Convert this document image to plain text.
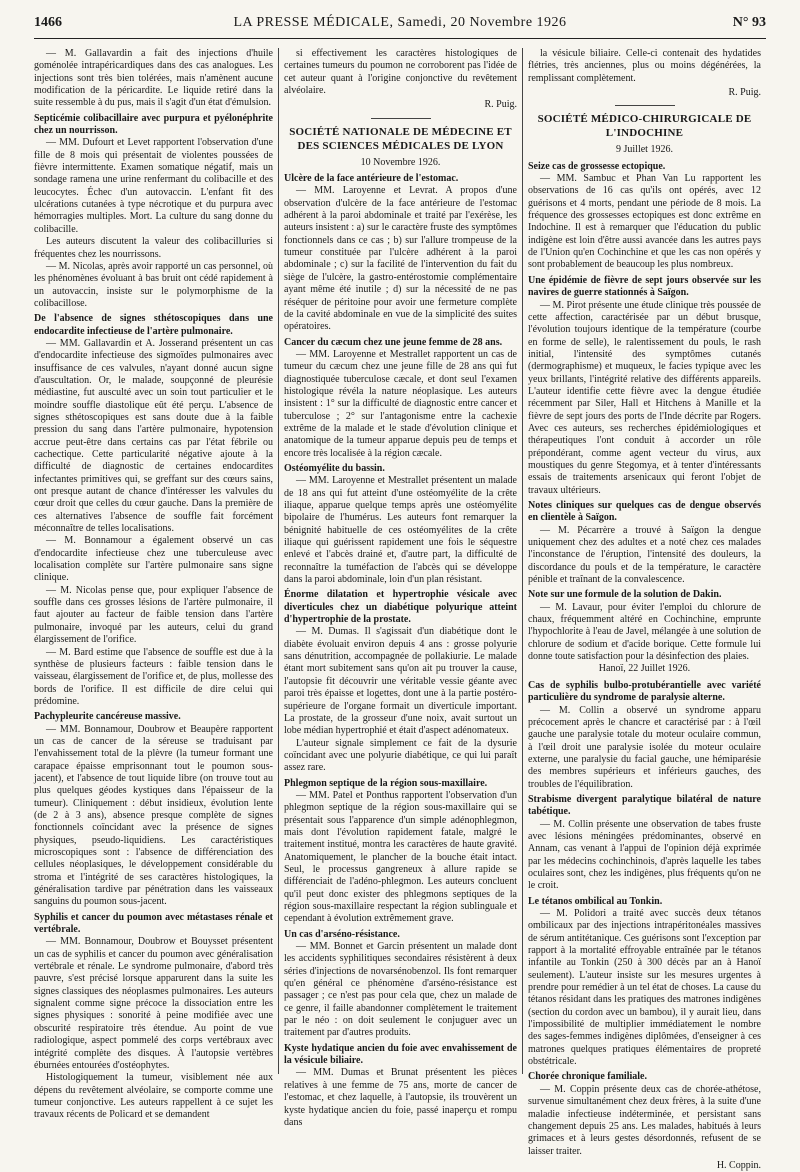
1466	LA PRESSE MÉDICALE, Samedi, 20 Novembre 1926	N° 93

— M. Gallavardin a fait des injections d'huile goménolée intrapéricardiques dans des cas analogues. Les injections sont très bien tolérées, mais n'amènent aucune modification de la péricardite. Le liquide retiré dans la suite ressemble à du pus, mais il s'agit d'un état d'émulsion.

Septicémie colibacillaire avec purpura et pyélonéphrite chez un nourrisson.

— MM. Dufourt et Levet rapportent l'observation d'une fille de 8 mois qui présentait de violentes poussées de fièvre intermittente. Examen somatique négatif, mais un sondage ramena une urine renfermant du colibacille et des leucocytes. Échec d'un autovaccin. L'enfant fit des ulcérations cutanées à type nécrotique et du purpura avec hémorragies multiples. Mort. La culture du sang donne du colibacille.

Les auteurs discutent la valeur des colibacilluries si fréquentes chez les nourrissons.

— M. Nicolas, après avoir rapporté un cas personnel, où les phénomènes évoluant à bas bruit ont cédé rapidement à un autovaccin, insiste sur le polymorphisme de la colibacillose.

De l'absence de signes sthétoscopiques dans une endocardite infectieuse de l'artère pulmonaire.

— MM. Gallavardin et A. Josserand présentent un cas d'endocardite infectieuse des sigmoïdes pulmonaires avec insuffisance de ces valvules, n'ayant donné aucun signe d'auscultation. Or, le malade, soupçonné de pleurésie médiastine, fut ausculté avec un soin tout particulier et le moindre souffle diastolique eût été perçu. L'absence de signes sthétoscopiques est sans doute due à la faible pression du sang dans l'artère pulmonaire, hypotension accrue peut-être dans certains cas par l'état fébrile ou cachectique. Cette particularité négative ajoute à la difficulté de diagnostic de certaines endocardites infectantes primitives qui, se greffant sur des cœurs sains, ont presque autant de chance d'intéresser les valvules du cœur droit que celles du cœur gauche. Dans la première de ces alternatives l'absence de souffle fait forcément méconnaître de telles localisations.

— M. Bonnamour a également observé un cas d'endocardite infectieuse chez une tuberculeuse avec localisation complète sur l'artère pulmonaire sans signe clinique.

— M. Nicolas pense que, pour expliquer l'absence de souffle dans ces grosses lésions de l'artère pulmonaire, il faut ajouter au facteur de faible tension dans l'artère pulmonaire, invoqué par les auteurs, celui du grand élargissement de l'orifice.

— M. Bard estime que l'absence de souffle est due à la synthèse de plusieurs facteurs : faible tension dans le vaisseau, élargissement de l'orifice et, de plus, mollesse des bords de l'orifice. Il est difficile de dire celui qui prédomine.

Pachypleurite cancéreuse massive.

— MM. Bonnamour, Doubrow et Beaupère rapportent un cas de cancer de la séreuse se traduisant par l'envahissement total de la plèvre (la tumeur formant une carapace épaisse emprisonnant tout le poumon sous-jacent), et l'absence de tout liquide libre (on trouve tout au plus quelques géodes kystiques dans l'épaisseur de la tumeur). Cliniquement : début insidieux, évolution lente (de 2 à 3 ans), absence presque complète de signes fonctionnels coïncidant avec la présence de signes physiques, pseudo-liquidiens. Les caractéristiques microscopiques sont : l'absence de différenciation des cellules néoplasiques, le développement considérable du stroma et l'intégrité de ses caractères histologiques, la généralisation tardive par pénétration dans les vaisseaux sanguins du poumon sous-jacent.

Syphilis et cancer du poumon avec métastases rénale et vertébrale.

— MM. Bonnamour, Doubrow et Bouysset présentent un cas de syphilis et cancer du poumon avec généralisation vertébrale et rénale. Le syndrome pulmonaire, d'abord très pauvre, s'est précisé lorsque apparurent dans la suite les signes classiques des néoplasmes pulmonaires. Les auteurs signalent comme signe précoce la dissociation entre les signes physiques : sonorité à peine modifiée avec une obscurité respiratoire très étendue. Au point de vue radiologique, aspect pommelé des corps vertébraux avec intégrité complète des disques. À l'autopsie vertèbres éburnées entourées d'ostéophytes.

Histologiquement la tumeur, visiblement née aux dépens du revêtement alvéolaire, se comporte comme une tumeur conjonctive. Les auteurs rappellent à ce sujet les travaux récents de Policard et se demandent

si effectivement les caractères histologiques de certaines tumeurs du poumon ne corroborent pas l'idée de cet auteur quant à l'origine conjonctive du revêtement alvéolaire.

R. Puig.

SOCIÉTÉ NATIONALE DE MÉDECINE ET DES SCIENCES MÉDICALES DE LYON
10 Novembre 1926.

Ulcère de la face antérieure de l'estomac.

— MM. Laroyenne et Levrat. A propos d'une observation d'ulcère de la face antérieure de l'estomac adhérent à la paroi abdominale et traité par l'exérèse, les auteurs insistent : a) sur le caractère fruste des symptômes fonctionnels dans ce cas ; b) sur l'allure trompeuse de la tumeur constituée par l'ulcère adhérent à la paroi abdominale ; c) sur la facilité de l'intervention du fait du siège de l'ulcère, la gastro-entérostomie complémentaire ayant même été inutile ; d) sur la nécessité de ne pas réséquer de péritoine pour avoir une fermeture complète de la cavité abdominale en vue de la simplicité des suites opératoires.

Cancer du cæcum chez une jeune femme de 28 ans.

— MM. Laroyenne et Mestrallet rapportent un cas de tumeur du cæcum chez une jeune fille de 28 ans qui fut diagnostiquée tuberculose cæcale, et dont seul l'examen histologique révéla la nature néoplasique. Les auteurs insistent : 1° sur la difficulté de diagnostic entre cancer et tuberculose ; 2° sur l'antagonisme entre la cachexie extrême de la malade et le stade d'évolution clinique et anatomique de la tumeur apparue depuis peu de temps et encore très localisée à la région cæcale.

Ostéomyélite du bassin.

— MM. Laroyenne et Mestrallet présentent un malade de 18 ans qui fut atteint d'une ostéomyélite de la crête iliaque, apparue quelque temps après une ostéomyélite bipolaire de l'humérus. Les auteurs font remarquer la bénignité habituelle de ces ostéomyélites de la crête iliaque qui guérissent rapidement une fois le séquestre enlevé et l'abcès drainé et, d'autre part, la difficulté de reconnaître la tuméfaction de l'abcès qui se développe dans la paroi abdominale, loin d'un plan résistant.

Énorme dilatation et hypertrophie vésicale avec diverticules chez un diabétique polyurique atteint d'hypertrophie de la prostate.

— M. Dumas. Il s'agissait d'un diabétique dont le diabète évoluait environ depuis 4 ans : grosse polyurie sans dénutrition, accompagnée de pollakiurie. Le malade étant mort subitement sans qu'on ait pu trouver la cause, l'autopsie fit découvrir une véritable vessie géante avec paroi très épaisse et logettes, dont une à la partie postéro-supérieure de l'organe formait un diverticule important. La prostate, de la grosseur d'une noix, avait surtout un lobe médian hypertrophié et était d'aspect adénomateux.

L'auteur signale simplement ce fait de la dysurie coïncidant avec une polyurie diabétique, ce qui lui paraît assez rare.

Phlegmon septique de la région sous-maxillaire.

— MM. Patel et Ponthus rapportent l'observation d'un phlegmon septique de la région sous-maxillaire qui se présentait sous l'apparence d'un simple adénophlegmon, mais dont l'évolution rapidement fatale, malgré le traitement institué, montra les caractères de haute gravité. Anatomiquement, le plancher de la bouche était intact. Seul, le processus gangreneux à allure rapide se différenciait de l'adéno-phlegmon. Les auteurs concluent qu'il peut donc exister des phlegmons septiques de la région sous-maxillaire respectant la région sublinguale et cependant à évolution extrêmement grave.

Un cas d'arséno-résistance.

— MM. Bonnet et Garcin présentent un malade dont les accidents syphilitiques secondaires résistèrent à deux séries d'injections de novarsénobenzol. Ils font remarquer qu'en général ce phénomène d'arséno-résistance est passager ; ce n'est pas pour cela que, chez un malade de ce genre, il faille abandonner complètement le traitement par le néo : on doit seulement le conjuguer avec un traitement par d'autres produits.

Kyste hydatique ancien du foie avec envahissement de la vésicule biliaire.

— MM. Dumas et Brunat présentent les pièces relatives à une femme de 75 ans, morte de cancer de l'estomac, et chez laquelle, à l'autopsie, ils trouvèrent un kyste hydatique ancien du foie, passé inaperçu et rompu dans

la vésicule biliaire. Celle-ci contenait des hydatides flétries, très anciennes, plus ou moins dégénérées, la remplissant complètement.

R. Puig.

SOCIÉTÉ MÉDICO-CHIRURGICALE DE L'INDOCHINE
9 Juillet 1926.

Seize cas de grossesse ectopique.

— MM. Sambuc et Phan Van Lu rapportent les observations de 16 cas qu'ils ont opérés, avec 12 guérisons et 4 morts, pendant une période de 8 mois. La fréquence des grossesses ectopiques est donc extrême en Indochine. Il est à remarquer que l'éducation du public indigène est loin d'être aussi avancée dans les autres pays de l'Union qu'en Cochinchine et que les cas non opérés y sont probablement de beaucoup les plus nombreux.

Une épidémie de fièvre de sept jours observée sur les navires de guerre stationnés à Saïgon.

— M. Pirot présente une étude clinique très poussée de cette affection, caractérisée par un début brusque, l'évolution toujours identique de la température (courbe en forme de selle), le ralentissement du pouls, le rash initial, l'intensité des symptômes cutanés (dermographisme) et muqueux, le facies typique avec les yeux brillants, l'intégrité relative des différents appareils. L'auteur identifie cette fièvre avec la dengue étudiée récemment par Siler, Hall et Hitchens à Manille et la fièvre de sept jours des ports de l'Inde décrite par Rogers. Avec ces auteurs, ses recherches épidémiologiques et thérapeutiques l'ont conduit à accorder un rôle prépondérant, comme agent vecteur du virus, aux moustiques du genre Stegomya, et à tenter d'intéressants essais de traitements arsenicaux qui feront l'objet de travaux ultérieurs.

Notes cliniques sur quelques cas de dengue observés en clientèle à Saïgon.

— M. Pécarrère a trouvé à Saïgon la dengue uniquement chez des adultes et a noté chez ces malades l'inconstance de l'éruption, l'intensité des douleurs, la discordance du pouls et de la température, le caractère pénible et traînant de la convalescence.

Note sur une formule de la solution de Dakin.

— M. Lavaur, pour éviter l'emploi du chlorure de chaux, fréquemment altéré en Cochinchine, emprunte l'hypochlorite à l'eau de Javel, mélangée à une solution de chlorure de sodium et d'acide borique. Cette formule lui donne toute satisfaction pour la désinfection des plaies.

Hanoï, 22 Juillet 1926.

Cas de syphilis bulbo-protubérantielle avec variété particulière du syndrome de paralysie alterne.

— M. Collin a observé un syndrome apparu précocement après le chancre et caractérisé par : à l'œil gauche une paralysie totale du moteur oculaire commun, à l'œil droit une paralysie isolée du moteur oculaire externe, une paralysie du facial gauche, une hémiparésie des membres supérieurs et inférieurs gauches, des troubles de l'équilibration.

Strabisme divergent paralytique bilatéral de nature tabétique.

— M. Collin présente une observation de tabes fruste avec lésions méningées prédominantes, observé en Annam, cas venant à l'appui de l'opinion déjà exprimée par les médecins cochinchinois, d'après laquelle les tabes oculaires sont, chez les indigènes, plus fréquents qu'on ne le croit.

Le tétanos ombilical au Tonkin.

— M. Polidori a traité avec succès deux tétanos ombilicaux par des injections intrapéritonéales massives de sérum antitétanique. Ces guérisons sont l'exception par rapport à la mortalité effroyable entraînée par le tétanos infantile au Tonkin (250 à 300 décès par an à Hanoï seulement). L'auteur insiste sur les mesures urgentes à prendre pour remédier à un tel état de choses. La cause du tétanos résidant dans les pratiques des matrones indigènes (section du cordon avec un bambou), il y aurait lieu, dans l'impossibilité de multiplier immédiatement le nombre des sages-femmes indigènes diplômées, d'enseigner à ces matrones quelques pratiques élémentaires de propreté obstétricale.

Chorée chronique familiale.

— M. Coppin présente deux cas de chorée-athétose, survenue simultanément chez deux frères, à la suite d'une maladie infectieuse indéterminée, et persistant sans changement depuis 25 ans. Les malades, habitués à leurs grimaces et à leurs gestes désordonnés, refusent de se laisser traiter.

H. Coppin.
